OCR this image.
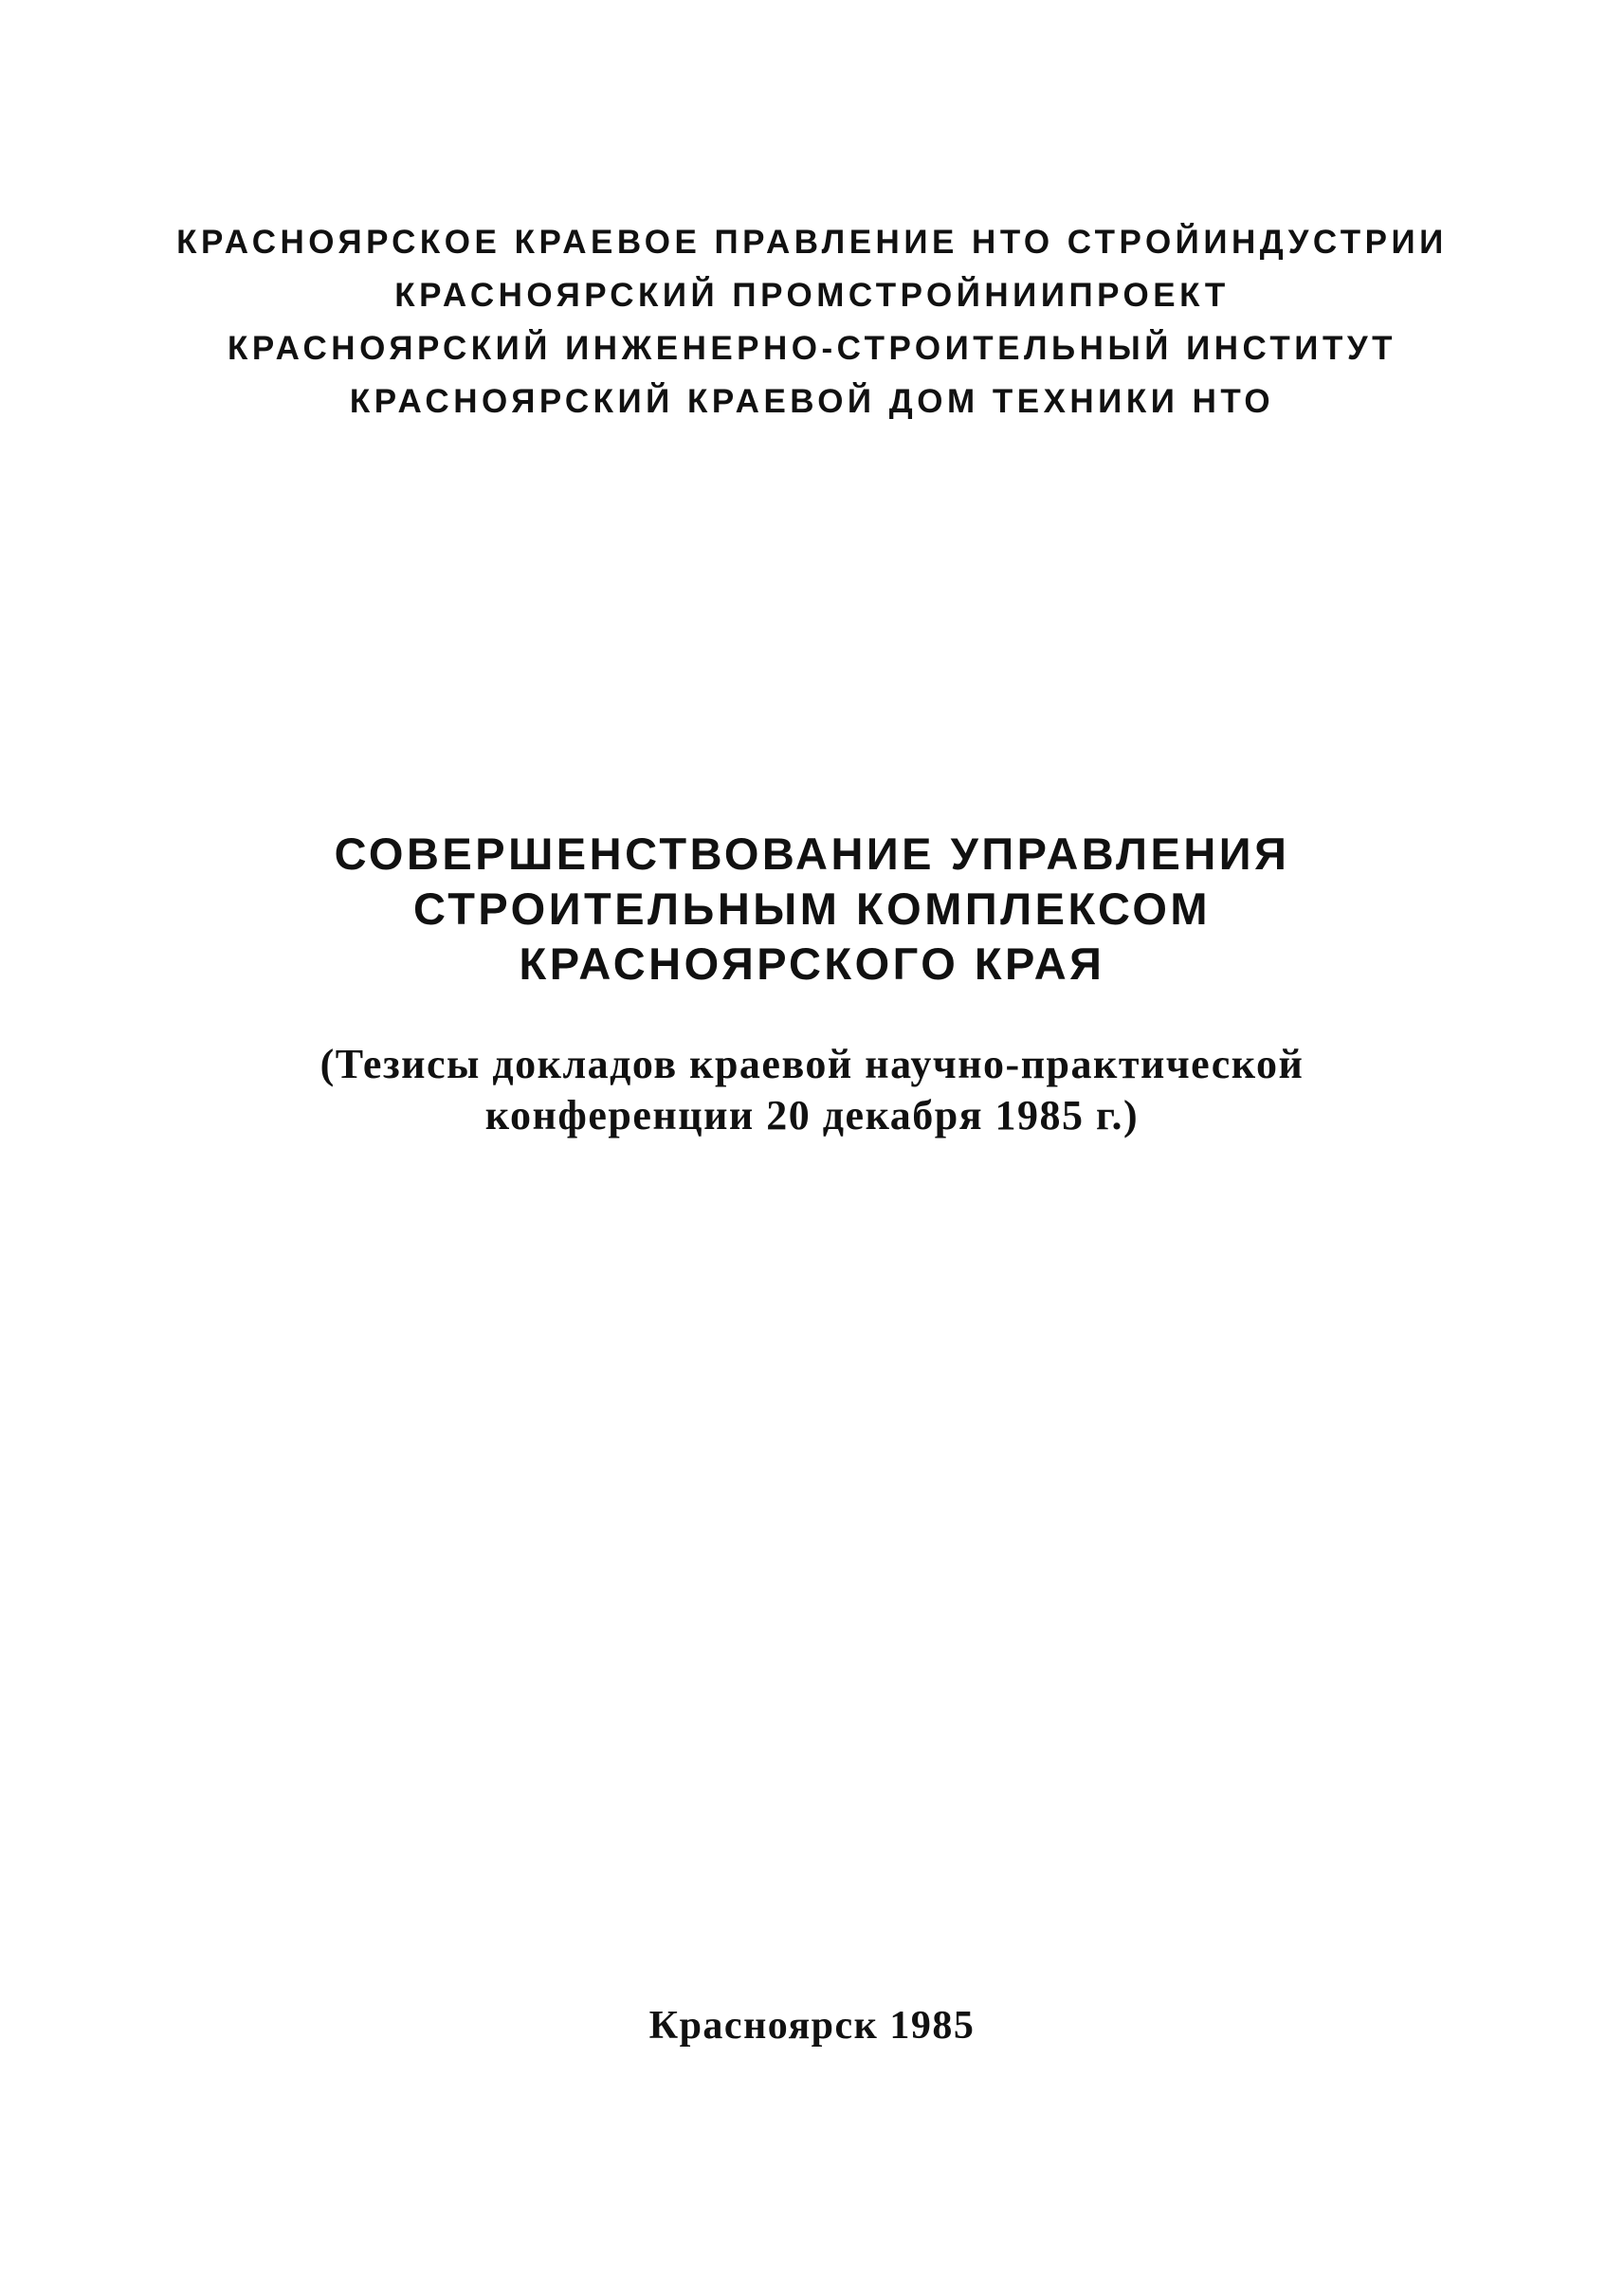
КРАСНОЯРСКОЕ КРАЕВОЕ ПРАВЛЕНИЕ НТО СТРОЙИНДУСТРИИ
КРАСНОЯРСКИЙ ПРОМСТРОЙНИИПРОЕКТ
КРАСНОЯРСКИЙ ИНЖЕНЕРНО-СТРОИТЕЛЬНЫЙ ИНСТИТУТ
КРАСНОЯРСКИЙ КРАЕВОЙ ДОМ ТЕХНИКИ НТО
СОВЕРШЕНСТВОВАНИЕ УПРАВЛЕНИЯ
СТРОИТЕЛЬНЫМ КОМПЛЕКСОМ
КРАСНОЯРСКОГО КРАЯ
(Тезисы докладов краевой научно-практической
конференции 20 декабря 1985 г.)
Красноярск 1985
